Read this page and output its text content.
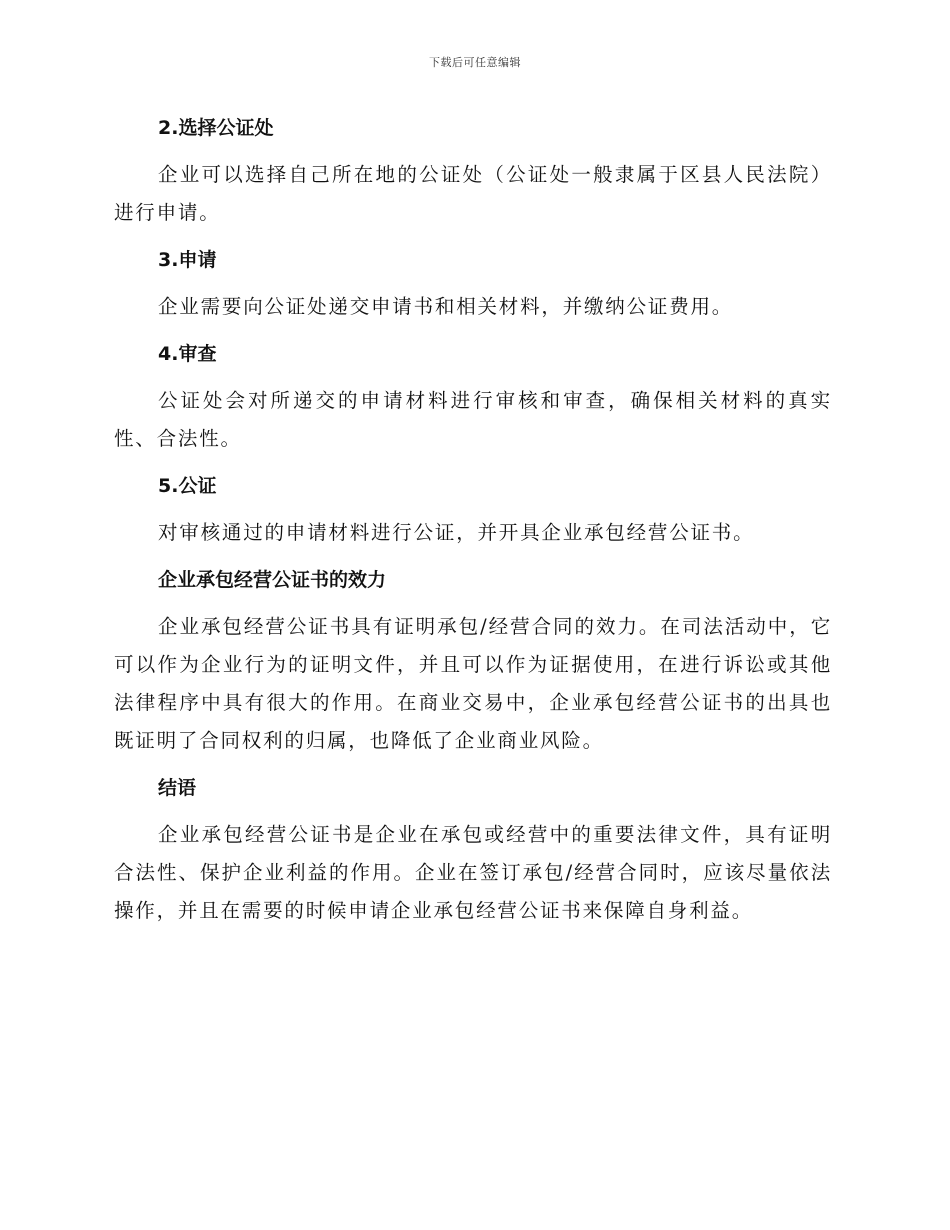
下载后可任意编辑
2.选择公证处

企业可以选择自己所在地的公证处（公证处一般隶属于区县人民法院）进行申请。

3.申请

企业需要向公证处递交申请书和相关材料，并缴纳公证费用。

4.审查

公证处会对所递交的申请材料进行审核和审查，确保相关材料的真实性、合法性。

5.公证

对审核通过的申请材料进行公证，并开具企业承包经营公证书。

企业承包经营公证书的效力

企业承包经营公证书具有证明承包/经营合同的效力。在司法活动中，它可以作为企业行为的证明文件，并且可以作为证据使用，在进行诉讼或其他法律程序中具有很大的作用。在商业交易中，企业承包经营公证书的出具也既证明了合同权利的归属，也降低了企业商业风险。

结语

企业承包经营公证书是企业在承包或经营中的重要法律文件，具有证明合法性、保护企业利益的作用。企业在签订承包/经营合同时，应该尽量依法操作，并且在需要的时候申请企业承包经营公证书来保障自身利益。
